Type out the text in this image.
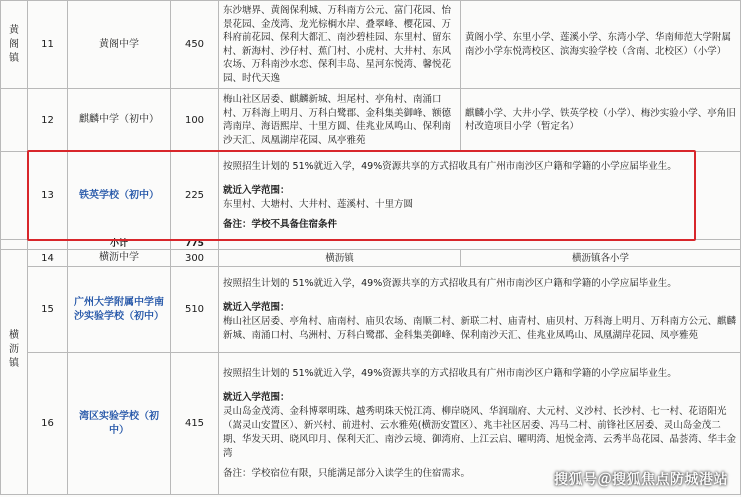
黄阁镇	11	黄阁中学	450	东沙塘界、黄阁保利城、万科南方公元、富门花园、怡景花园、金茂湾、龙光棕榈水岸、叠翠峰、樱花园、万科府前花园、保利大都汇、南沙碧桂园、东里村、留东村、新海村、沙仔村、蕉门村、小虎村、大井村、东风农场、万科南沙水恋、保利丰岛、星河东悦湾、馨悦花园、时代天逸	黄阁小学、东里小学、莲溪小学、东湾小学、华南师范大学附属南沙小学东悦湾校区、滨海实验学校（含南、北校区）（小学）
	12	麒麟中学（初中）	100	梅山社区居委、麒麟新城、坦尾村、亭角村、南涌口村、万科海上明月、万科白鹭郡、金科集美御峰、额德湾南岸、海语熙岸、十里方圆、佳兆业凤鸣山、保利南沙天汇、凤凰湖岸花园、凤亭雅苑	麒麟小学、大井小学、铁英学校（小学）、梅沙实验小学、亭角旧村改造项目小学（暂定名）
	13	铁英学校（初中）	225	按照招生计划的 51%就近入学，49%资源共享的方式招收具有广州市南沙区户籍和学籍的小学应届毕业生。

就近入学范围：

东里村、大塘村、大井村、莲溪村、十里方圆

备注：学校不具备住宿条件	

		小计	775		
	14	横沥中学	300	横沥镇	横沥镇各小学
	15	广州大学附属中学南沙实验学校（初中）	510	按照招生计划的 51%就近入学，49%资源共享的方式招收具有广州市南沙区户籍和学籍的小学应届毕业生。

就近入学范围：

梅山社区居委、亭角村、庙南村、庙贝农场、南顺二村、新联二村、庙青村、庙贝村、万科海上明月、万科南方公元、麒麟新城、南涌口村、乌洲村、万科白鹭郡、金科集美御峰、保利南沙天汇、佳兆业凤鸣山、凤凰湖岸花园、凤亭雅苑	

横沥镇	16	湾区实验学校（初中）	415	按照招生计划的 51%就近入学，49%资源共享的方式招收具有广州市南沙区户籍和学籍的小学应届毕业生。

就近入学范围：

灵山岛金茂湾、金科博翠明珠、越秀明珠天悦江湾、柳岸晓风、华润瑞府、大元村、义沙村、长沙村、七一村、花语阳光（嵩灵山安置区）、新兴村、前进村、云水雅苑(横沥安置区）、兆丰社区居委、冯马二村、前锋社区居委、灵山岛金茂二期、华发天玥、晓风印月、保利天汇、南沙云境、御湾府、上江云启、曜明湾、旭悦金湾、云秀半岛花园、晶荟湾、华丰金湾

备注：学校宿位有限，只能满足部分入读学生的住宿需求。		搜狐号＠搜狐焦点防城港站
